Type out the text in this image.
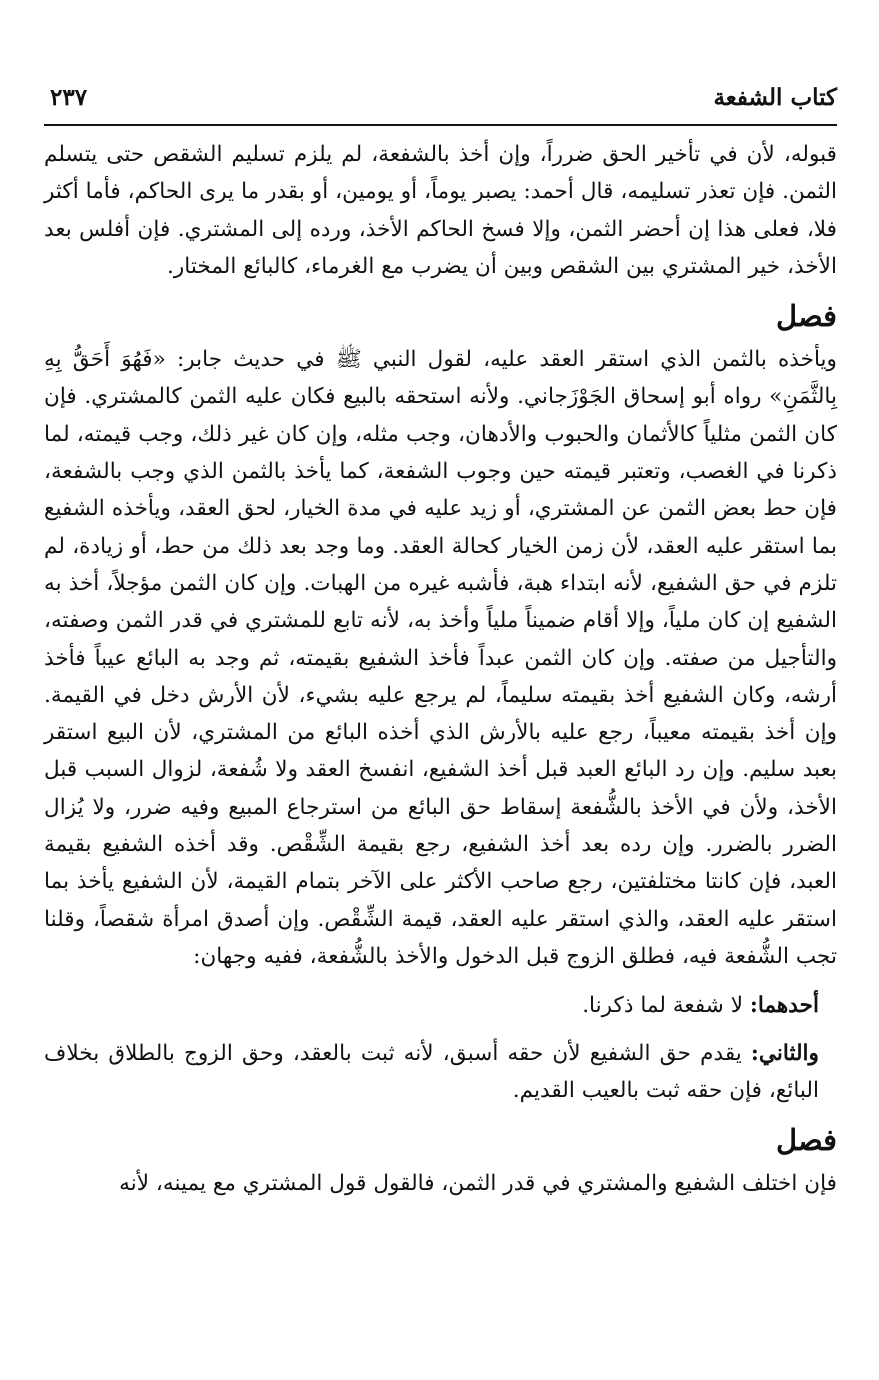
كتاب الشفعة
٢٣٧

قبوله، لأن في تأخير الحق ضرراً، وإن أخذ بالشفعة، لم يلزم تسليم الشقص حتى يتسلم الثمن. فإن تعذر تسليمه، قال أحمد: يصبر يوماً، أو يومين، أو بقدر ما يرى الحاكم، فأما أكثر فلا، فعلى هذا إن أحضر الثمن، وإلا فسخ الحاكم الأخذ، ورده إلى المشتري. فإن أفلس بعد الأخذ، خير المشتري بين الشقص وبين أن يضرب مع الغرماء، كالبائع المختار.

فصل

ويأخذه بالثمن الذي استقر العقد عليه، لقول النبي ﷺ في حديث جابر: «فَهُوَ أَحَقُّ بِهِ بِالثَّمَنِ» رواه أبو إسحاق الجَوْزَجاني. ولأنه استحقه بالبيع فكان عليه الثمن كالمشتري. فإن كان الثمن مثلياً كالأثمان والحبوب والأدهان، وجب مثله، وإن كان غير ذلك، وجب قيمته، لما ذكرنا في الغصب، وتعتبر قيمته حين وجوب الشفعة، كما يأخذ بالثمن الذي وجب بالشفعة، فإن حط بعض الثمن عن المشتري، أو زيد عليه في مدة الخيار، لحق العقد، ويأخذه الشفيع بما استقر عليه العقد، لأن زمن الخيار كحالة العقد. وما وجد بعد ذلك من حط، أو زيادة، لم تلزم في حق الشفيع، لأنه ابتداء هبة، فأشبه غيره من الهبات. وإن كان الثمن مؤجلاً، أخذ به الشفيع إن كان ملياً، وإلا أقام ضميناً ملياً وأخذ به، لأنه تابع للمشتري في قدر الثمن وصفته، والتأجيل من صفته. وإن كان الثمن عبداً فأخذ الشفيع بقيمته، ثم وجد به البائع عيباً فأخذ أرشه، وكان الشفيع أخذ بقيمته سليماً، لم يرجع عليه بشيء، لأن الأرش دخل في القيمة. وإن أخذ بقيمته معيباً، رجع عليه بالأرش الذي أخذه البائع من المشتري، لأن البيع استقر بعبد سليم. وإن رد البائع العبد قبل أخذ الشفيع، انفسخ العقد ولا شُفعة، لزوال السبب قبل الأخذ، ولأن في الأخذ بالشُّفعة إسقاط حق البائع من استرجاع المبيع وفيه ضرر، ولا يُزال الضرر بالضرر. وإن رده بعد أخذ الشفيع، رجع بقيمة الشِّقْص. وقد أخذه الشفيع بقيمة العبد، فإن كانتا مختلفتين، رجع صاحب الأكثر على الآخر بتمام القيمة، لأن الشفيع يأخذ بما استقر عليه العقد، والذي استقر عليه العقد، قيمة الشِّقْص. وإن أصدق امرأة شقصاً، وقلنا تجب الشُّفعة فيه، فطلق الزوج قبل الدخول والأخذ بالشُّفعة، ففيه وجهان:

أحدهما: لا شفعة لما ذكرنا.

والثاني: يقدم حق الشفيع لأن حقه أسبق، لأنه ثبت بالعقد، وحق الزوج بالطلاق بخلاف البائع، فإن حقه ثبت بالعيب القديم.

فصل

فإن اختلف الشفيع والمشتري في قدر الثمن، فالقول قول المشتري مع يمينه، لأنه
